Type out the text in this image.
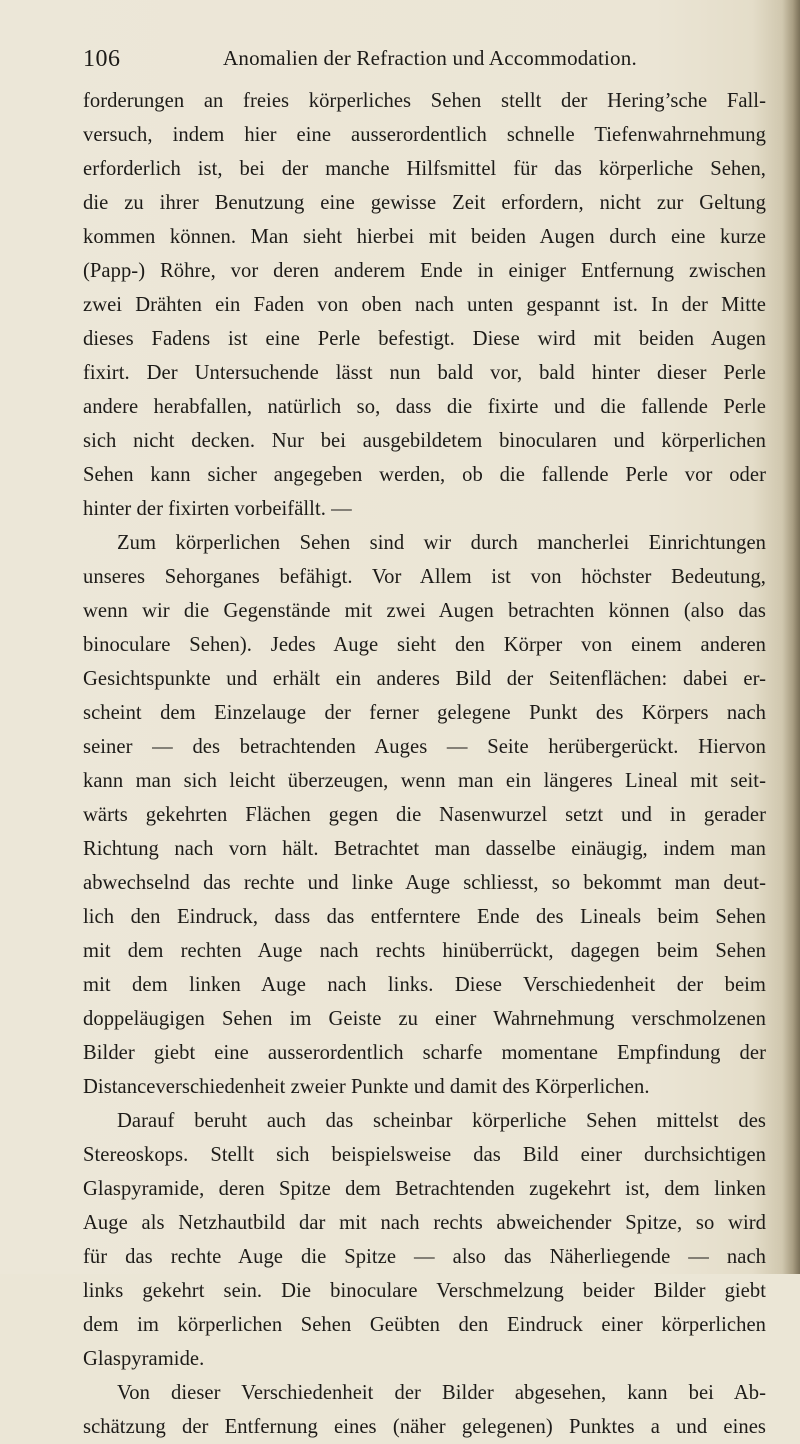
106	Anomalien der Refraction und Accommodation.
forderungen an freies körperliches Sehen stellt der Hering’sche Fall-
versuch, indem hier eine ausserordentlich schnelle Tiefenwahrnehmung
erforderlich ist, bei der manche Hilfsmittel für das körperliche Sehen,
die zu ihrer Benutzung eine gewisse Zeit erfordern, nicht zur Geltung
kommen können. Man sieht hierbei mit beiden Augen durch eine kurze
(Papp-) Röhre, vor deren anderem Ende in einiger Entfernung zwischen
zwei Drähten ein Faden von oben nach unten gespannt ist. In der Mitte
dieses Fadens ist eine Perle befestigt. Diese wird mit beiden Augen
fixirt. Der Untersuchende lässt nun bald vor, bald hinter dieser Perle
andere herabfallen, natürlich so, dass die fixirte und die fallende Perle
sich nicht decken. Nur bei ausgebildetem binocularen und körperlichen
Sehen kann sicher angegeben werden, ob die fallende Perle vor oder
hinter der fixirten vorbeifällt. —
Zum körperlichen Sehen sind wir durch mancherlei Einrichtungen
unseres Sehorganes befähigt. Vor Allem ist von höchster Bedeutung,
wenn wir die Gegenstände mit zwei Augen betrachten können (also das
binoculare Sehen). Jedes Auge sieht den Körper von einem anderen
Gesichtspunkte und erhält ein anderes Bild der Seitenflächen: dabei er-
scheint dem Einzelauge der ferner gelegene Punkt des Körpers nach
seiner — des betrachtenden Auges — Seite herübergerückt. Hiervon
kann man sich leicht überzeugen, wenn man ein längeres Lineal mit seit-
wärts gekehrten Flächen gegen die Nasenwurzel setzt und in gerader
Richtung nach vorn hält. Betrachtet man dasselbe einäugig, indem man
abwechselnd das rechte und linke Auge schliesst, so bekommt man deut-
lich den Eindruck, dass das entferntere Ende des Lineals beim Sehen
mit dem rechten Auge nach rechts hinüberrückt, dagegen beim Sehen
mit dem linken Auge nach links. Diese Verschiedenheit der beim
doppeläugigen Sehen im Geiste zu einer Wahrnehmung verschmolzenen
Bilder giebt eine ausserordentlich scharfe momentane Empfindung der
Distanceverschiedenheit zweier Punkte und damit des Körperlichen.
Darauf beruht auch das scheinbar körperliche Sehen mittelst des
Stereoskops. Stellt sich beispielsweise das Bild einer durchsichtigen
Glaspyramide, deren Spitze dem Betrachtenden zugekehrt ist, dem linken
Auge als Netzhautbild dar mit nach rechts abweichender Spitze, so wird
für das rechte Auge die Spitze — also das Näherliegende — nach
links gekehrt sein. Die binoculare Verschmelzung beider Bilder giebt
dem im körperlichen Sehen Geübten den Eindruck einer körperlichen
Glaspyramide.
Von dieser Verschiedenheit der Bilder abgesehen, kann bei Ab-
schätzung der Entfernung eines (näher gelegenen) Punktes a und eines
